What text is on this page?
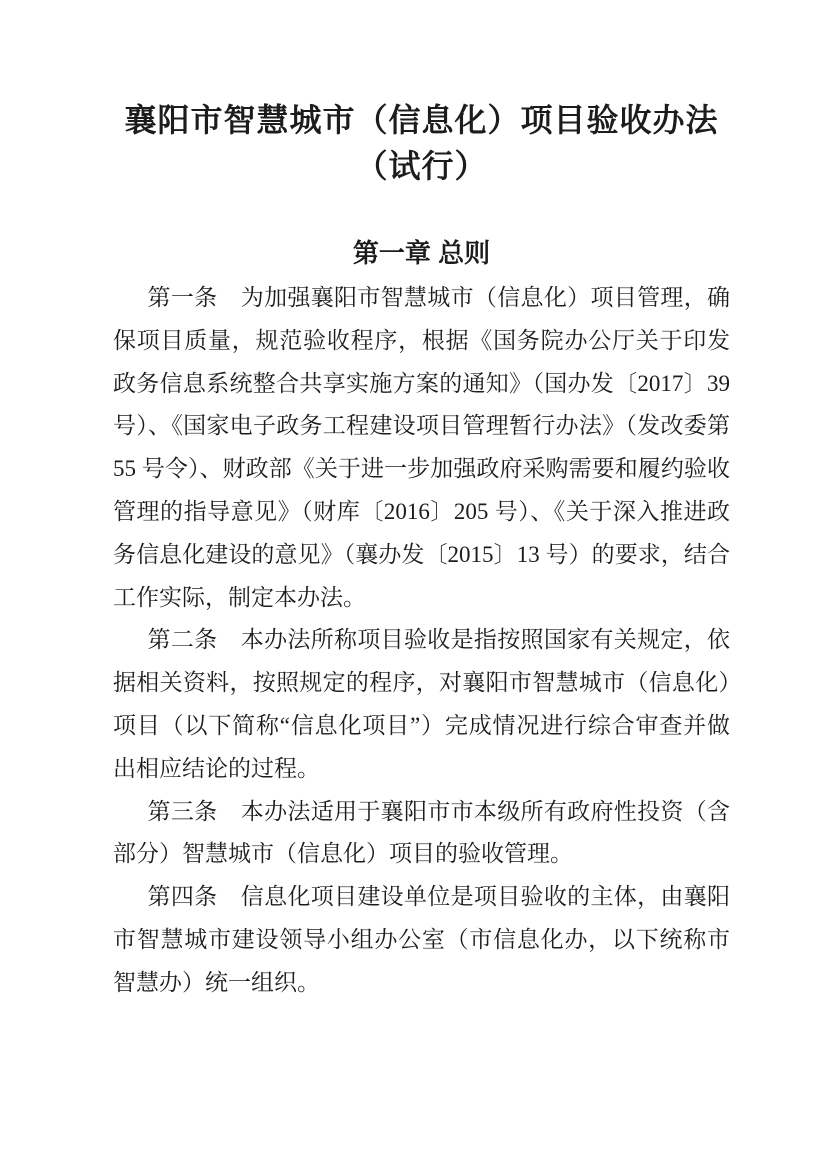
襄阳市智慧城市（信息化）项目验收办法
（试行）
第一章 总则

第一条　为加强襄阳市智慧城市（信息化）项目管理，确保项目质量，规范验收程序，根据《国务院办公厅关于印发政务信息系统整合共享实施方案的通知》（国办发〔2017〕39 号）、《国家电子政务工程建设项目管理暂行办法》（发改委第 55 号令）、财政部《关于进一步加强政府采购需要和履约验收管理的指导意见》（财库〔2016〕205 号）、《关于深入推进政务信息化建设的意见》（襄办发〔2015〕13 号）的要求，结合工作实际，制定本办法。

第二条　本办法所称项目验收是指按照国家有关规定，依据相关资料，按照规定的程序，对襄阳市智慧城市（信息化）项目（以下简称“信息化项目”）完成情况进行综合审查并做出相应结论的过程。

第三条　本办法适用于襄阳市市本级所有政府性投资（含部分）智慧城市（信息化）项目的验收管理。

第四条　信息化项目建设单位是项目验收的主体，由襄阳市智慧城市建设领导小组办公室（市信息化办，以下统称市智慧办）统一组织。
